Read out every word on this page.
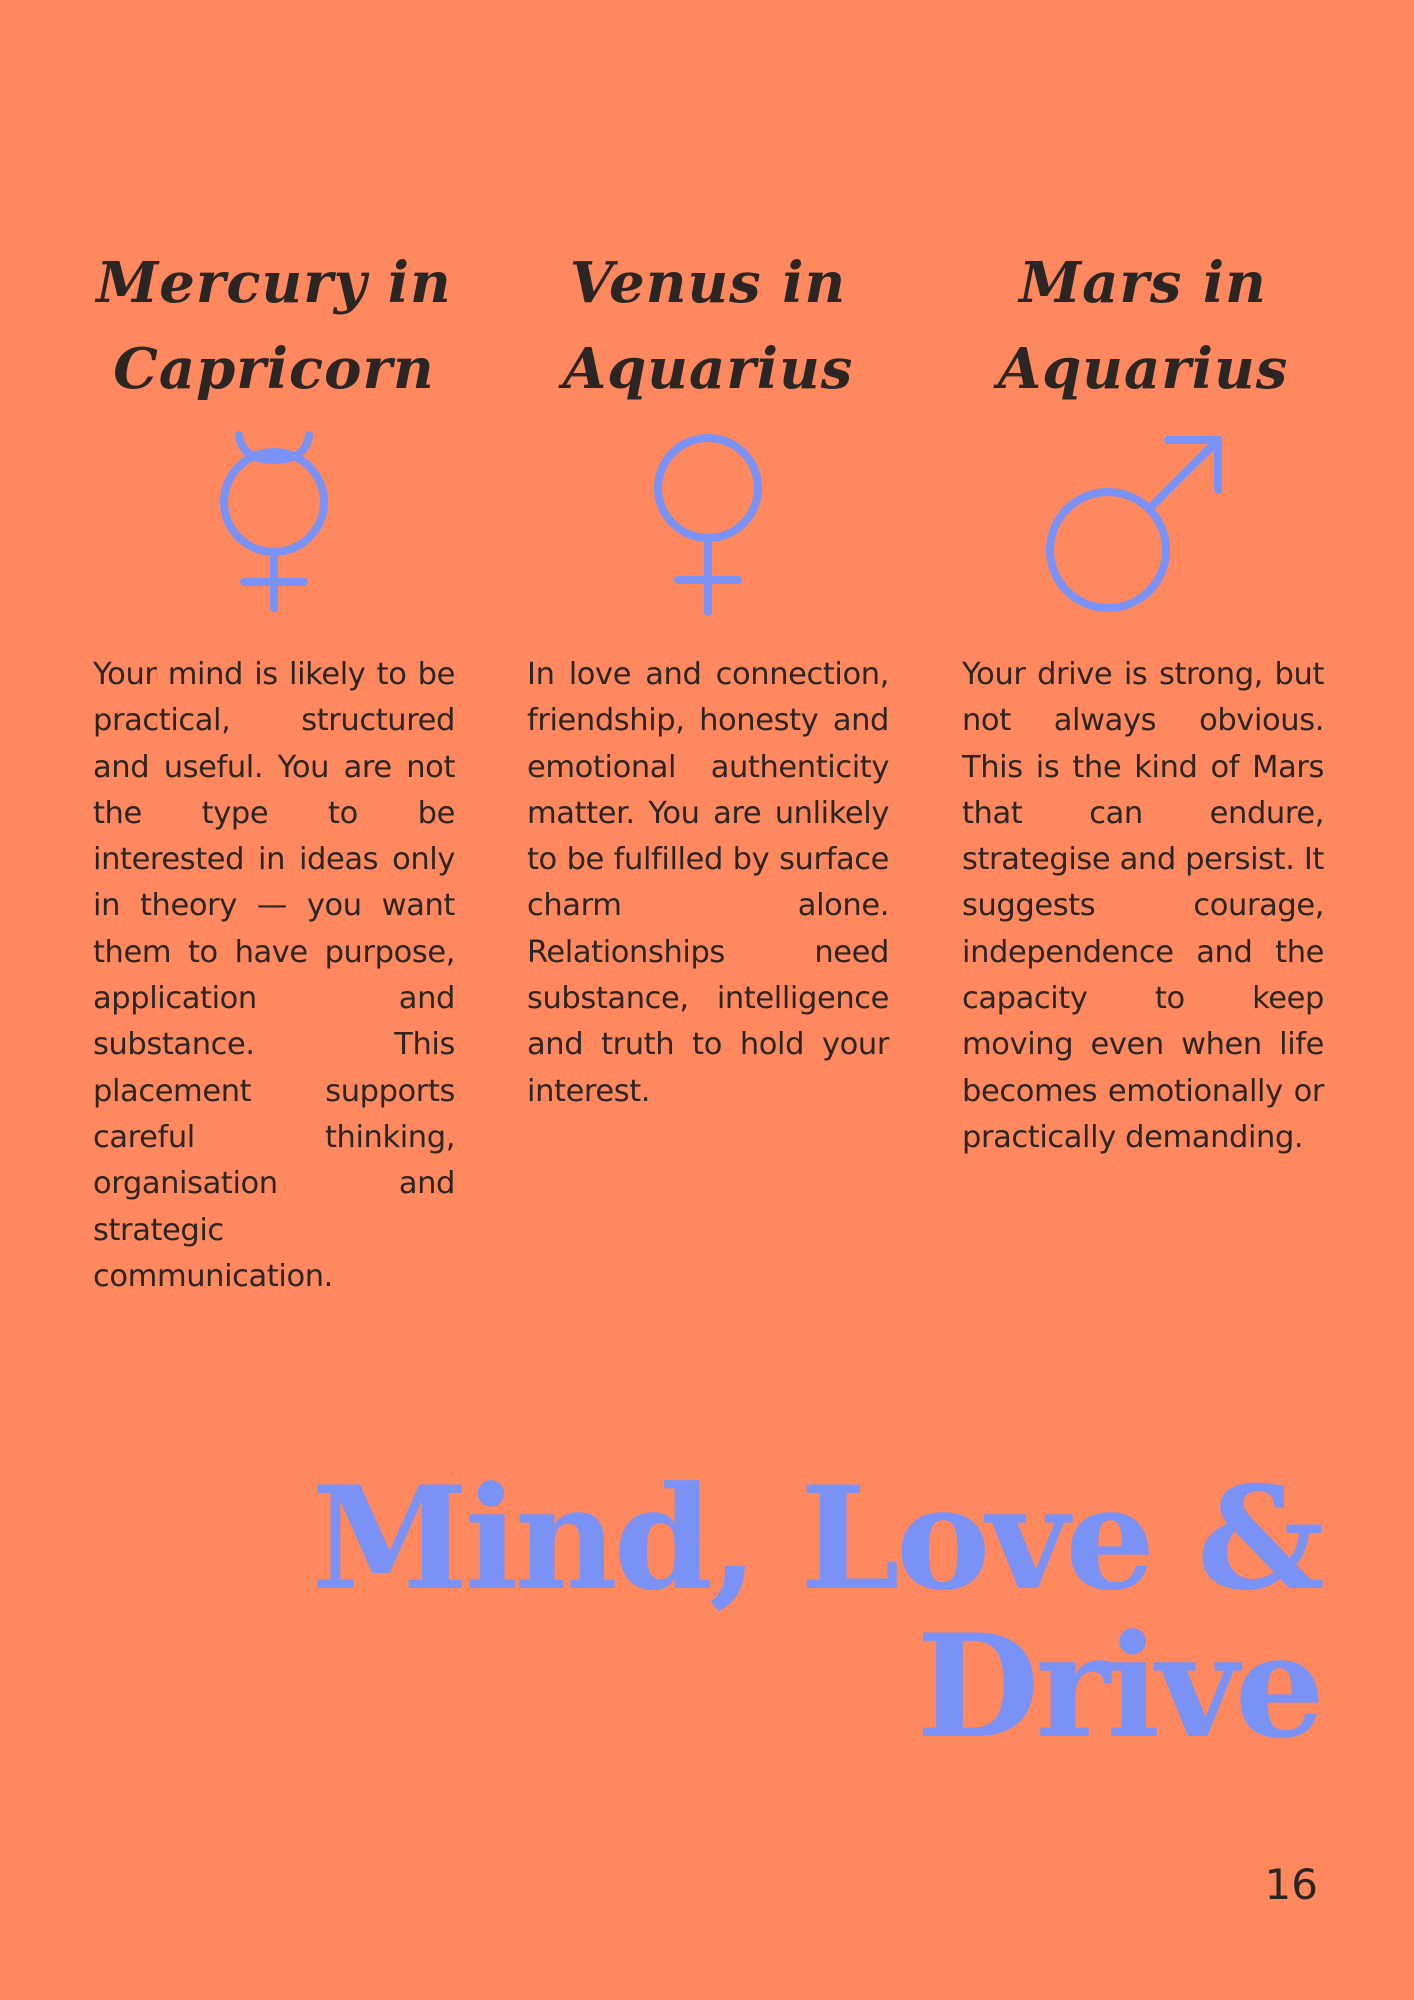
Mercury in Capricorn

Your mind is likely to be practical, structured and useful. You are not the type to be interested in ideas only in theory — you want them to have purpose, application and substance. This placement supports careful thinking, organisation and strategic communication.

Venus in Aquarius

In love and connection, friendship, honesty and emotional authenticity matter. You are unlikely to be fulfilled by surface charm alone. Relationships need substance, intelligence and truth to hold your interest.

Mars in Aquarius

Your drive is strong, but not always obvious. This is the kind of Mars that can endure, strategise and persist. It suggests courage, independence and the capacity to keep moving even when life becomes emotionally or practically demanding.

Mind, Love &
Drive
16
